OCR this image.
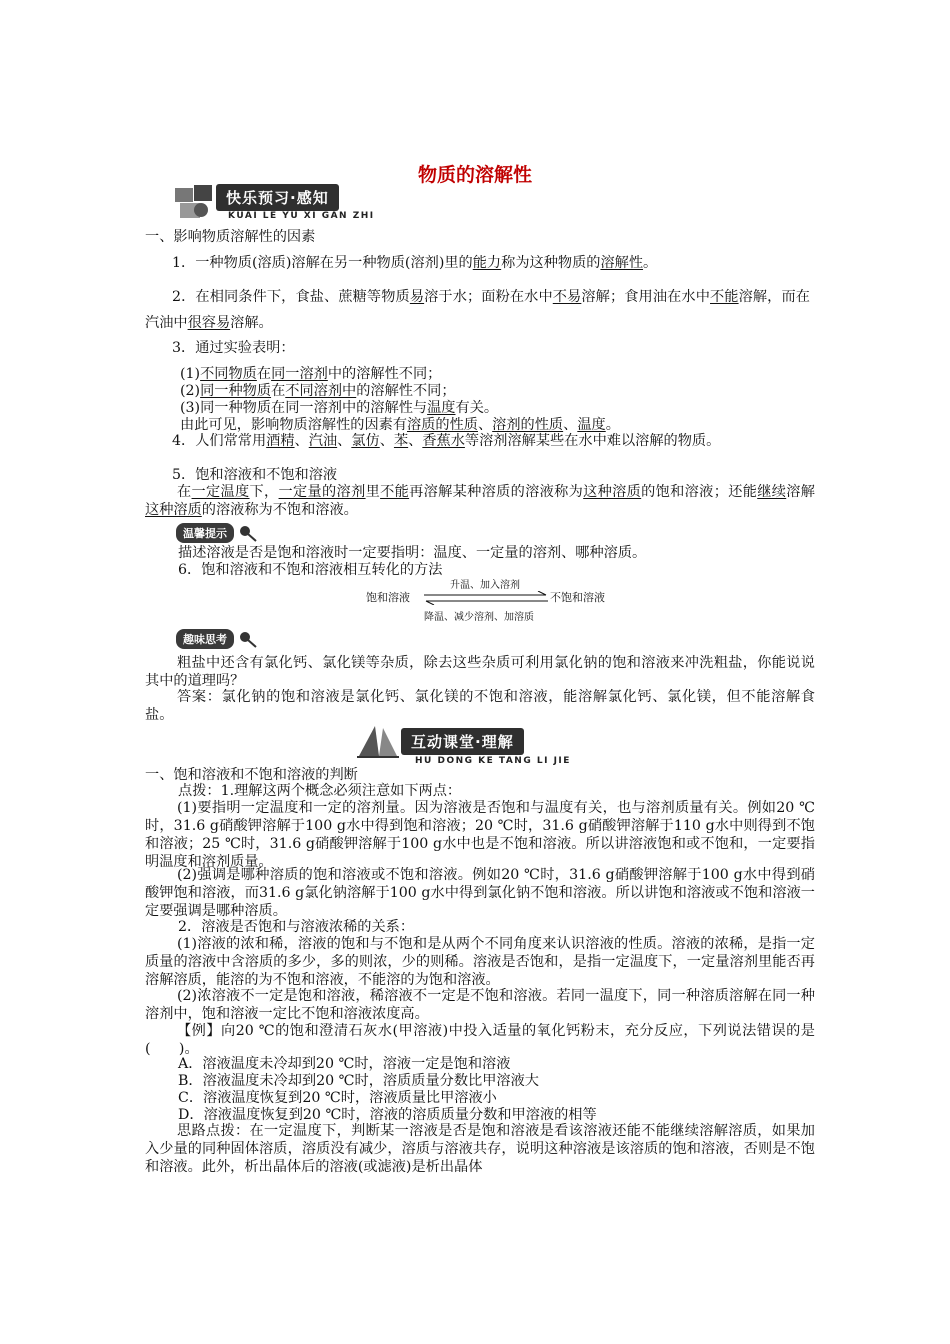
物质的溶解性
快乐预习·感知
KUAI LE YU XI GAN ZHI
一、影响物质溶解性的因素
1．一种物质(溶质)溶解在另一种物质(溶剂)里的能力称为这种物质的溶解性。
2．在相同条件下，食盐、蔗糖等物质易溶于水；面粉在水中不易溶解；食用油在水中不能溶解，而在汽油中很容易溶解。
3．通过实验表明：
(1)不同物质在同一溶剂中的溶解性不同；
(2)同一种物质在不同溶剂中的溶解性不同；
(3)同一种物质在同一溶剂中的溶解性与温度有关。
由此可见，影响物质溶解性的因素有溶质的性质、溶剂的性质、温度。
4．人们常常用酒精、汽油、氯仿、苯、香蕉水等溶剂溶解某些在水中难以溶解的物质。
5．饱和溶液和不饱和溶液
在一定温度下，一定量的溶剂里不能再溶解某种溶质的溶液称为这种溶质的饱和溶液；还能继续溶解这种溶质的溶液称为不饱和溶液。
温馨提示
描述溶液是否是饱和溶液时一定要指明：温度、一定量的溶剂、哪种溶质。
6．饱和溶液和不饱和溶液相互转化的方法
饱和溶液	不饱和溶液
升温、加入溶剂
降温、减少溶剂、加溶质
趣味思考
粗盐中还含有氯化钙、氯化镁等杂质，除去这些杂质可利用氯化钠的饱和溶液来冲洗粗盐，你能说说其中的道理吗？
答案：氯化钠的饱和溶液是氯化钙、氯化镁的不饱和溶液，能溶解氯化钙、氯化镁，但不能溶解食盐。
互动课堂·理解
HU DONG KE TANG LI JIE
一、饱和溶液和不饱和溶液的判断
点拨：1.理解这两个概念必须注意如下两点：
(1)要指明一定温度和一定的溶剂量。因为溶液是否饱和与温度有关，也与溶剂质量有关。例如20 ℃时，31.6 g硝酸钾溶解于100 g水中得到饱和溶液；20 ℃时，31.6 g硝酸钾溶解于110 g水中则得到不饱和溶液；25 ℃时，31.6 g硝酸钾溶解于100 g水中也是不饱和溶液。所以讲溶液饱和或不饱和，一定要指明温度和溶剂质量。
(2)强调是哪种溶质的饱和溶液或不饱和溶液。例如20 ℃时，31.6 g硝酸钾溶解于100 g水中得到硝酸钾饱和溶液，而31.6 g氯化钠溶解于100 g水中得到氯化钠不饱和溶液。所以讲饱和溶液或不饱和溶液一定要强调是哪种溶质。
2．溶液是否饱和与溶液浓稀的关系：
(1)溶液的浓和稀，溶液的饱和与不饱和是从两个不同角度来认识溶液的性质。溶液的浓稀，是指一定质量的溶液中含溶质的多少，多的则浓，少的则稀。溶液是否饱和，是指一定温度下，一定量溶剂里能否再溶解溶质，能溶的为不饱和溶液，不能溶的为饱和溶液。
(2)浓溶液不一定是饱和溶液，稀溶液不一定是不饱和溶液。若同一温度下，同一种溶质溶解在同一种溶剂中，饱和溶液一定比不饱和溶液浓度高。
【例】向20 ℃的饱和澄清石灰水(甲溶液)中投入适量的氧化钙粉末，充分反应，下列说法错误的是(　　)。
A．溶液温度未冷却到20 ℃时，溶液一定是饱和溶液
B．溶液温度未冷却到20 ℃时，溶质质量分数比甲溶液大
C．溶液温度恢复到20 ℃时，溶液质量比甲溶液小
D．溶液温度恢复到20 ℃时，溶液的溶质质量分数和甲溶液的相等
思路点拨：在一定温度下，判断某一溶液是否是饱和溶液是看该溶液还能不能继续溶解溶质，如果加入少量的同种固体溶质，溶质没有减少，溶质与溶液共存，说明这种溶液是该溶质的饱和溶液，否则是不饱和溶液。此外，析出晶体后的溶液(或滤液)是析出晶体
